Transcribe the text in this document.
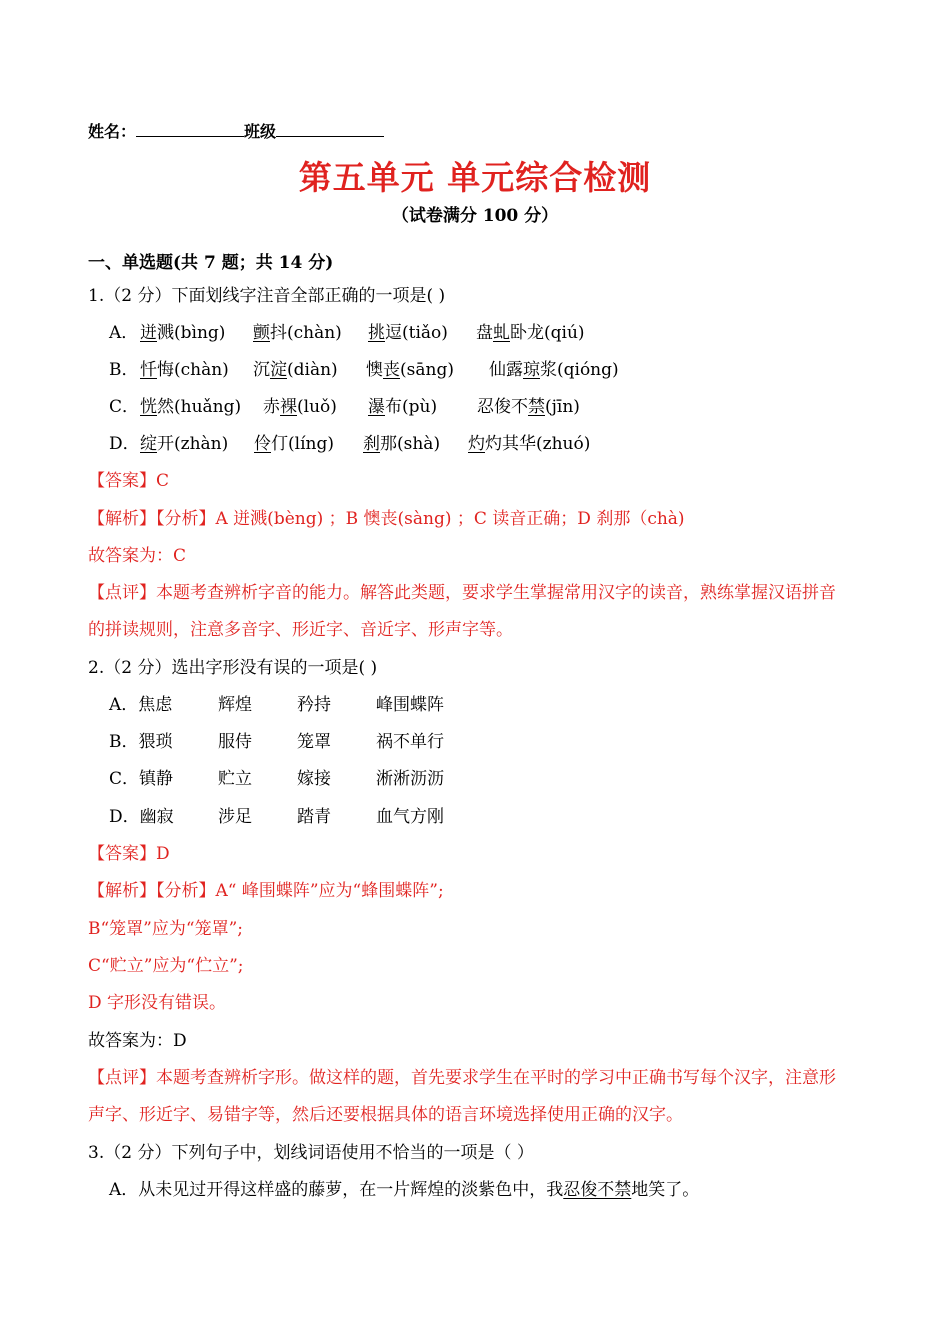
姓名：	班级
第五单元 单元综合检测
（试卷满分 100 分）
一、单选题(共 7 题；共 14 分)
1.（2 分）下面划线字注音全部正确的一项是( )
A． 迸溅(bìng) 颤抖(chàn) 挑逗(tiǎo) 盘虬卧龙(qiú)
B． 忏悔(chàn) 沉淀(diàn) 懊丧(sāng) 仙露琼浆(qióng)
C． 恍然(huǎng) 赤裸(luǒ) 瀑布(pù) 忍俊不禁(jīn)
D． 绽开(zhàn) 伶仃(líng) 刹那(shà) 灼灼其华(zhuó)
【答案】C
【解析】【分析】A 迸溅(bèng) ；B 懊丧(sàng) ；C 读音正确；D 刹那（chà)
故答案为：C
【点评】本题考查辨析字音的能力。解答此类题，要求学生掌握常用汉字的读音，熟练掌握汉语拼音
的拼读规则，注意多音字、形近字、音近字、形声字等。
2.（2 分）选出字形没有误的一项是( )
A．焦虑	辉煌	矜持	峰围蝶阵
B．猥琐	服侍	笼罩	祸不单行
C．镇静	贮立	嫁接	淅淅沥沥
D．幽寂	涉足	踏青	血气方刚
【答案】D
【解析】【分析】A“ 峰围蝶阵”应为“蜂围蝶阵”;
B“笼罩”应为“笼罩”;
C“贮立”应为“伫立”;
D 字形没有错误。
故答案为：D
【点评】本题考查辨析字形。做这样的题，首先要求学生在平时的学习中正确书写每个汉字，注意形
声字、形近字、易错字等，然后还要根据具体的语言环境选择使用正确的汉字。
3.（2 分）下列句子中，划线词语使用不恰当的一项是（ ）
A．从未见过开得这样盛的藤萝，在一片辉煌的淡紫色中，我忍俊不禁地笑了。
